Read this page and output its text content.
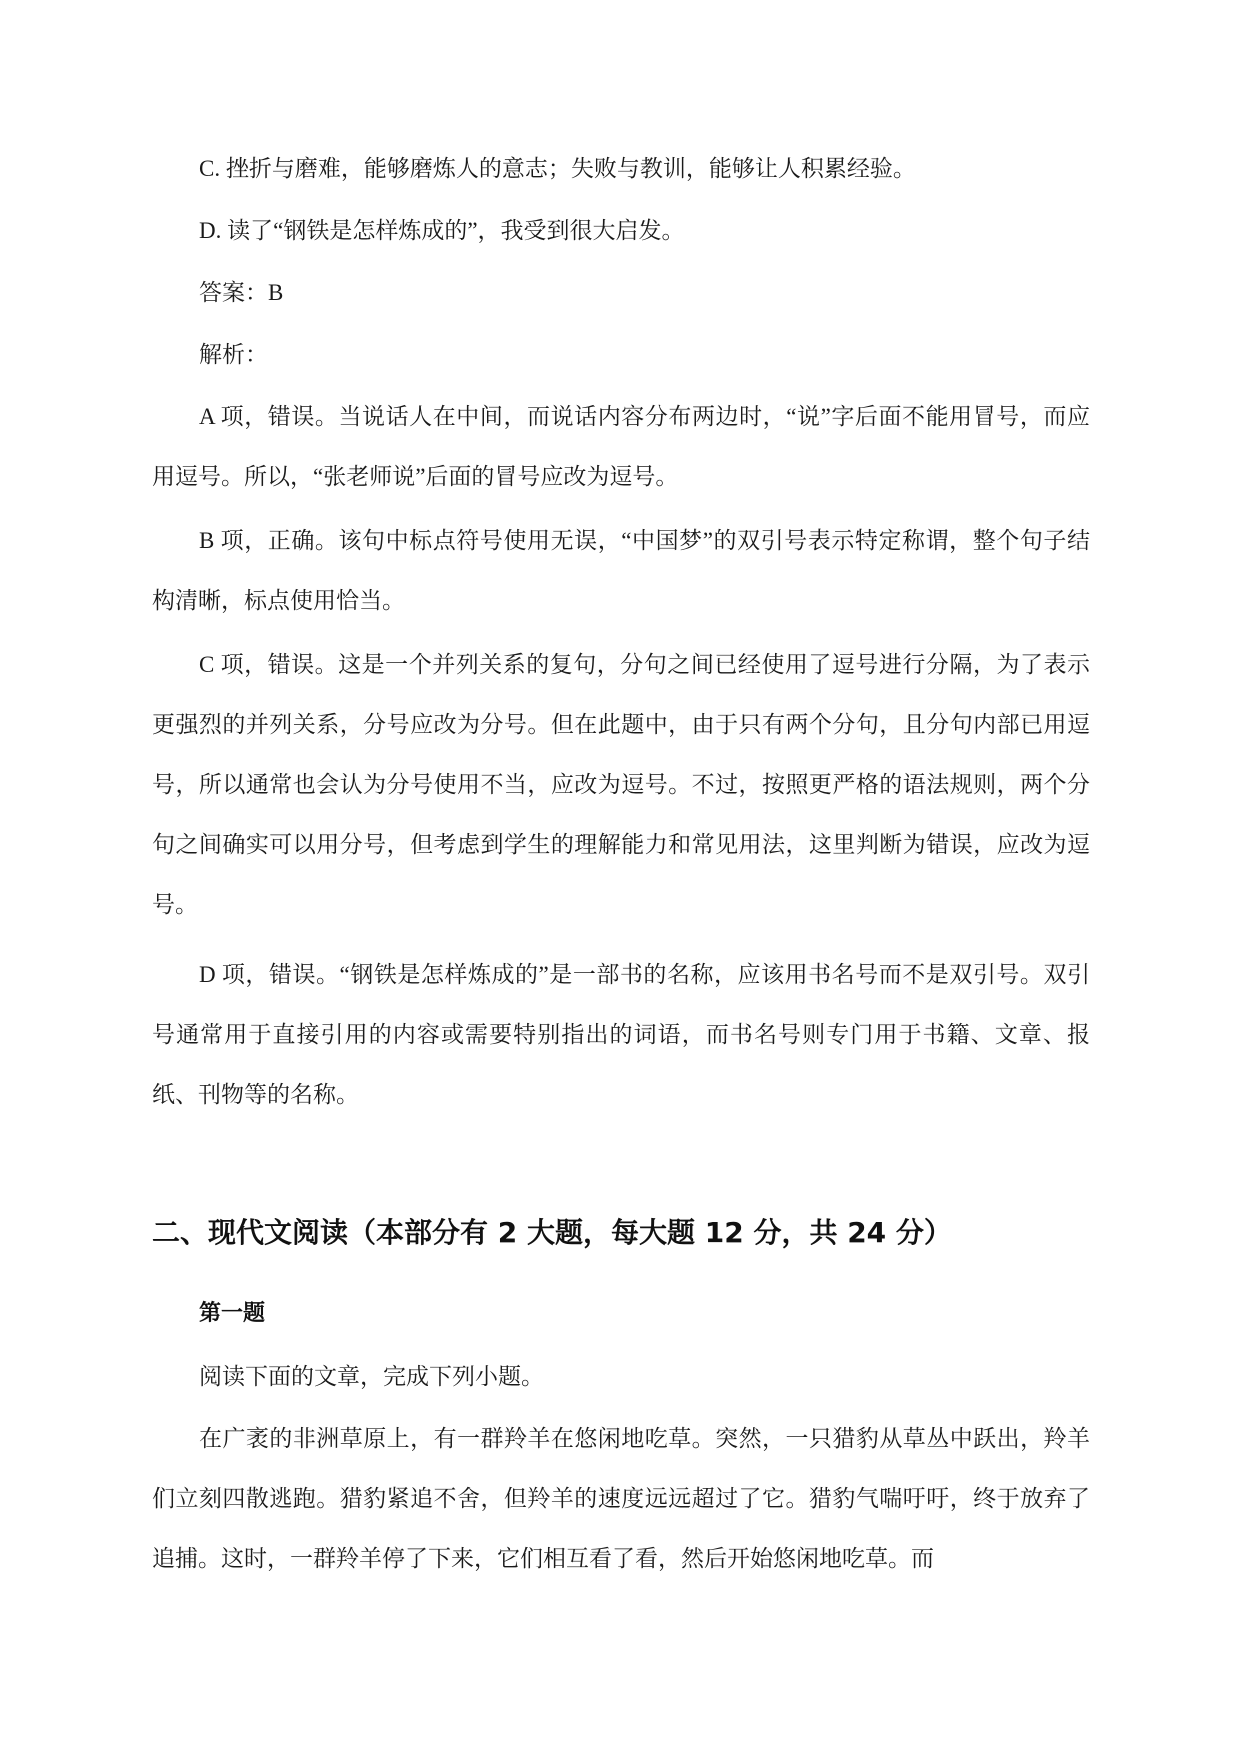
C. 挫折与磨难，能够磨炼人的意志；失败与教训，能够让人积累经验。

D. 读了“钢铁是怎样炼成的”，我受到很大启发。

答案：B

解析：

A 项，错误。当说话人在中间，而说话内容分布两边时，“说”字后面不能用冒号，而应用逗号。所以，“张老师说”后面的冒号应改为逗号。

B 项，正确。该句中标点符号使用无误，“中国梦”的双引号表示特定称谓，整个句子结构清晰，标点使用恰当。

C 项，错误。这是一个并列关系的复句，分句之间已经使用了逗号进行分隔，为了表示更强烈的并列关系，分号应改为分号。但在此题中，由于只有两个分句，且分句内部已用逗号，所以通常也会认为分号使用不当，应改为逗号。不过，按照更严格的语法规则，两个分句之间确实可以用分号，但考虑到学生的理解能力和常见用法，这里判断为错误，应改为逗号。

D 项，错误。“钢铁是怎样炼成的”是一部书的名称，应该用书名号而不是双引号。双引号通常用于直接引用的内容或需要特别指出的词语，而书名号则专门用于书籍、文章、报纸、刊物等的名称。

二、现代文阅读（本部分有 2 大题，每大题 12 分，共 24 分）
第一题

阅读下面的文章，完成下列小题。

在广袤的非洲草原上，有一群羚羊在悠闲地吃草。突然，一只猎豹从草丛中跃出，羚羊们立刻四散逃跑。猎豹紧追不舍，但羚羊的速度远远超过了它。猎豹气喘吁吁，终于放弃了追捕。这时，一群羚羊停了下来，它们相互看了看，然后开始悠闲地吃草。而
